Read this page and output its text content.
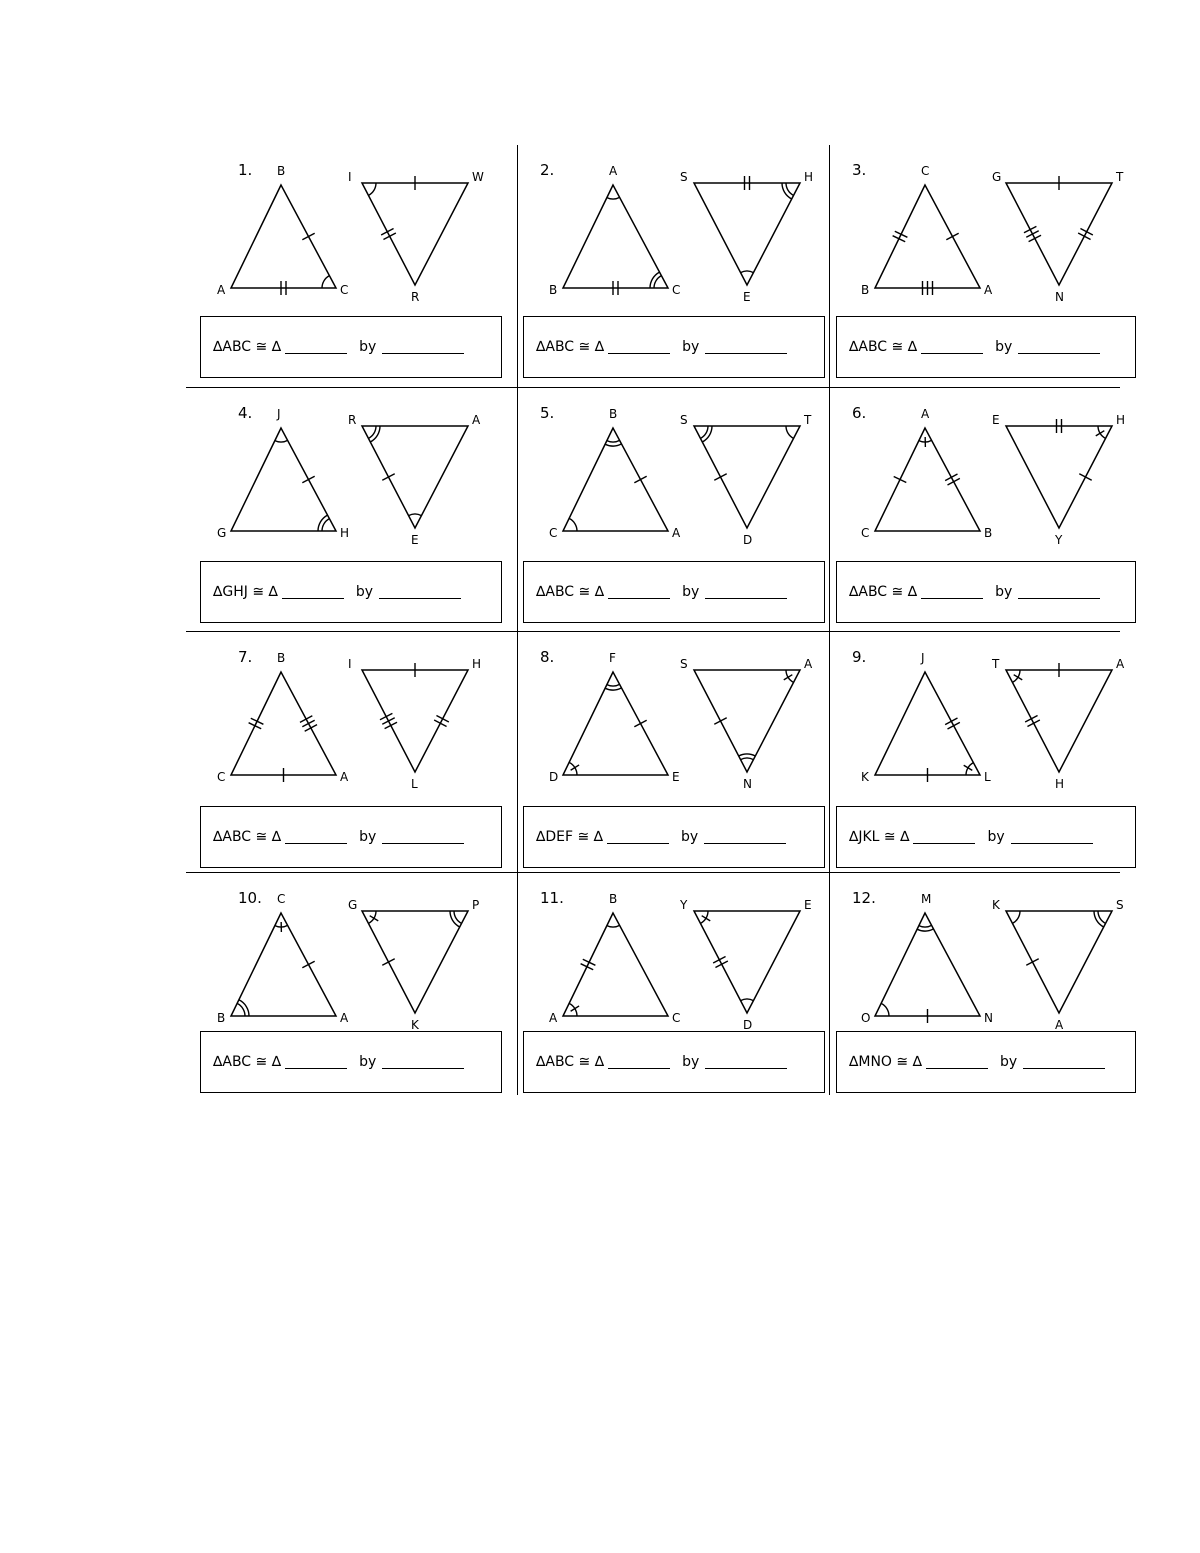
1. B
A	C
I	W
R
∆ABC ≅ ∆	by
2.	A
B	C
S	H
E
∆ABC ≅ ∆	by
3.	C
B	A
G	T
N
∆ABC ≅ ∆	by
4. J
G	H
R	A
E
∆GHJ ≅ ∆	by
5.	B
C	A
S	T
D
∆ABC ≅ ∆	by
6.	A
C	B
E	H
Y
∆ABC ≅ ∆	by
7. B
C	A
I	H
L
∆ABC ≅ ∆	by
8.	F
D	E
S	A
N
∆DEF ≅ ∆	by
9.	J
K	L
T	A
H
∆JKL ≅ ∆	by
10. C
B	A
G	P
K
∆ABC ≅ ∆	by
11.	B
A	C
Y	E
D
∆ABC ≅ ∆	by
12.	M
O	N
K	S
A
∆MNO ≅ ∆	by
